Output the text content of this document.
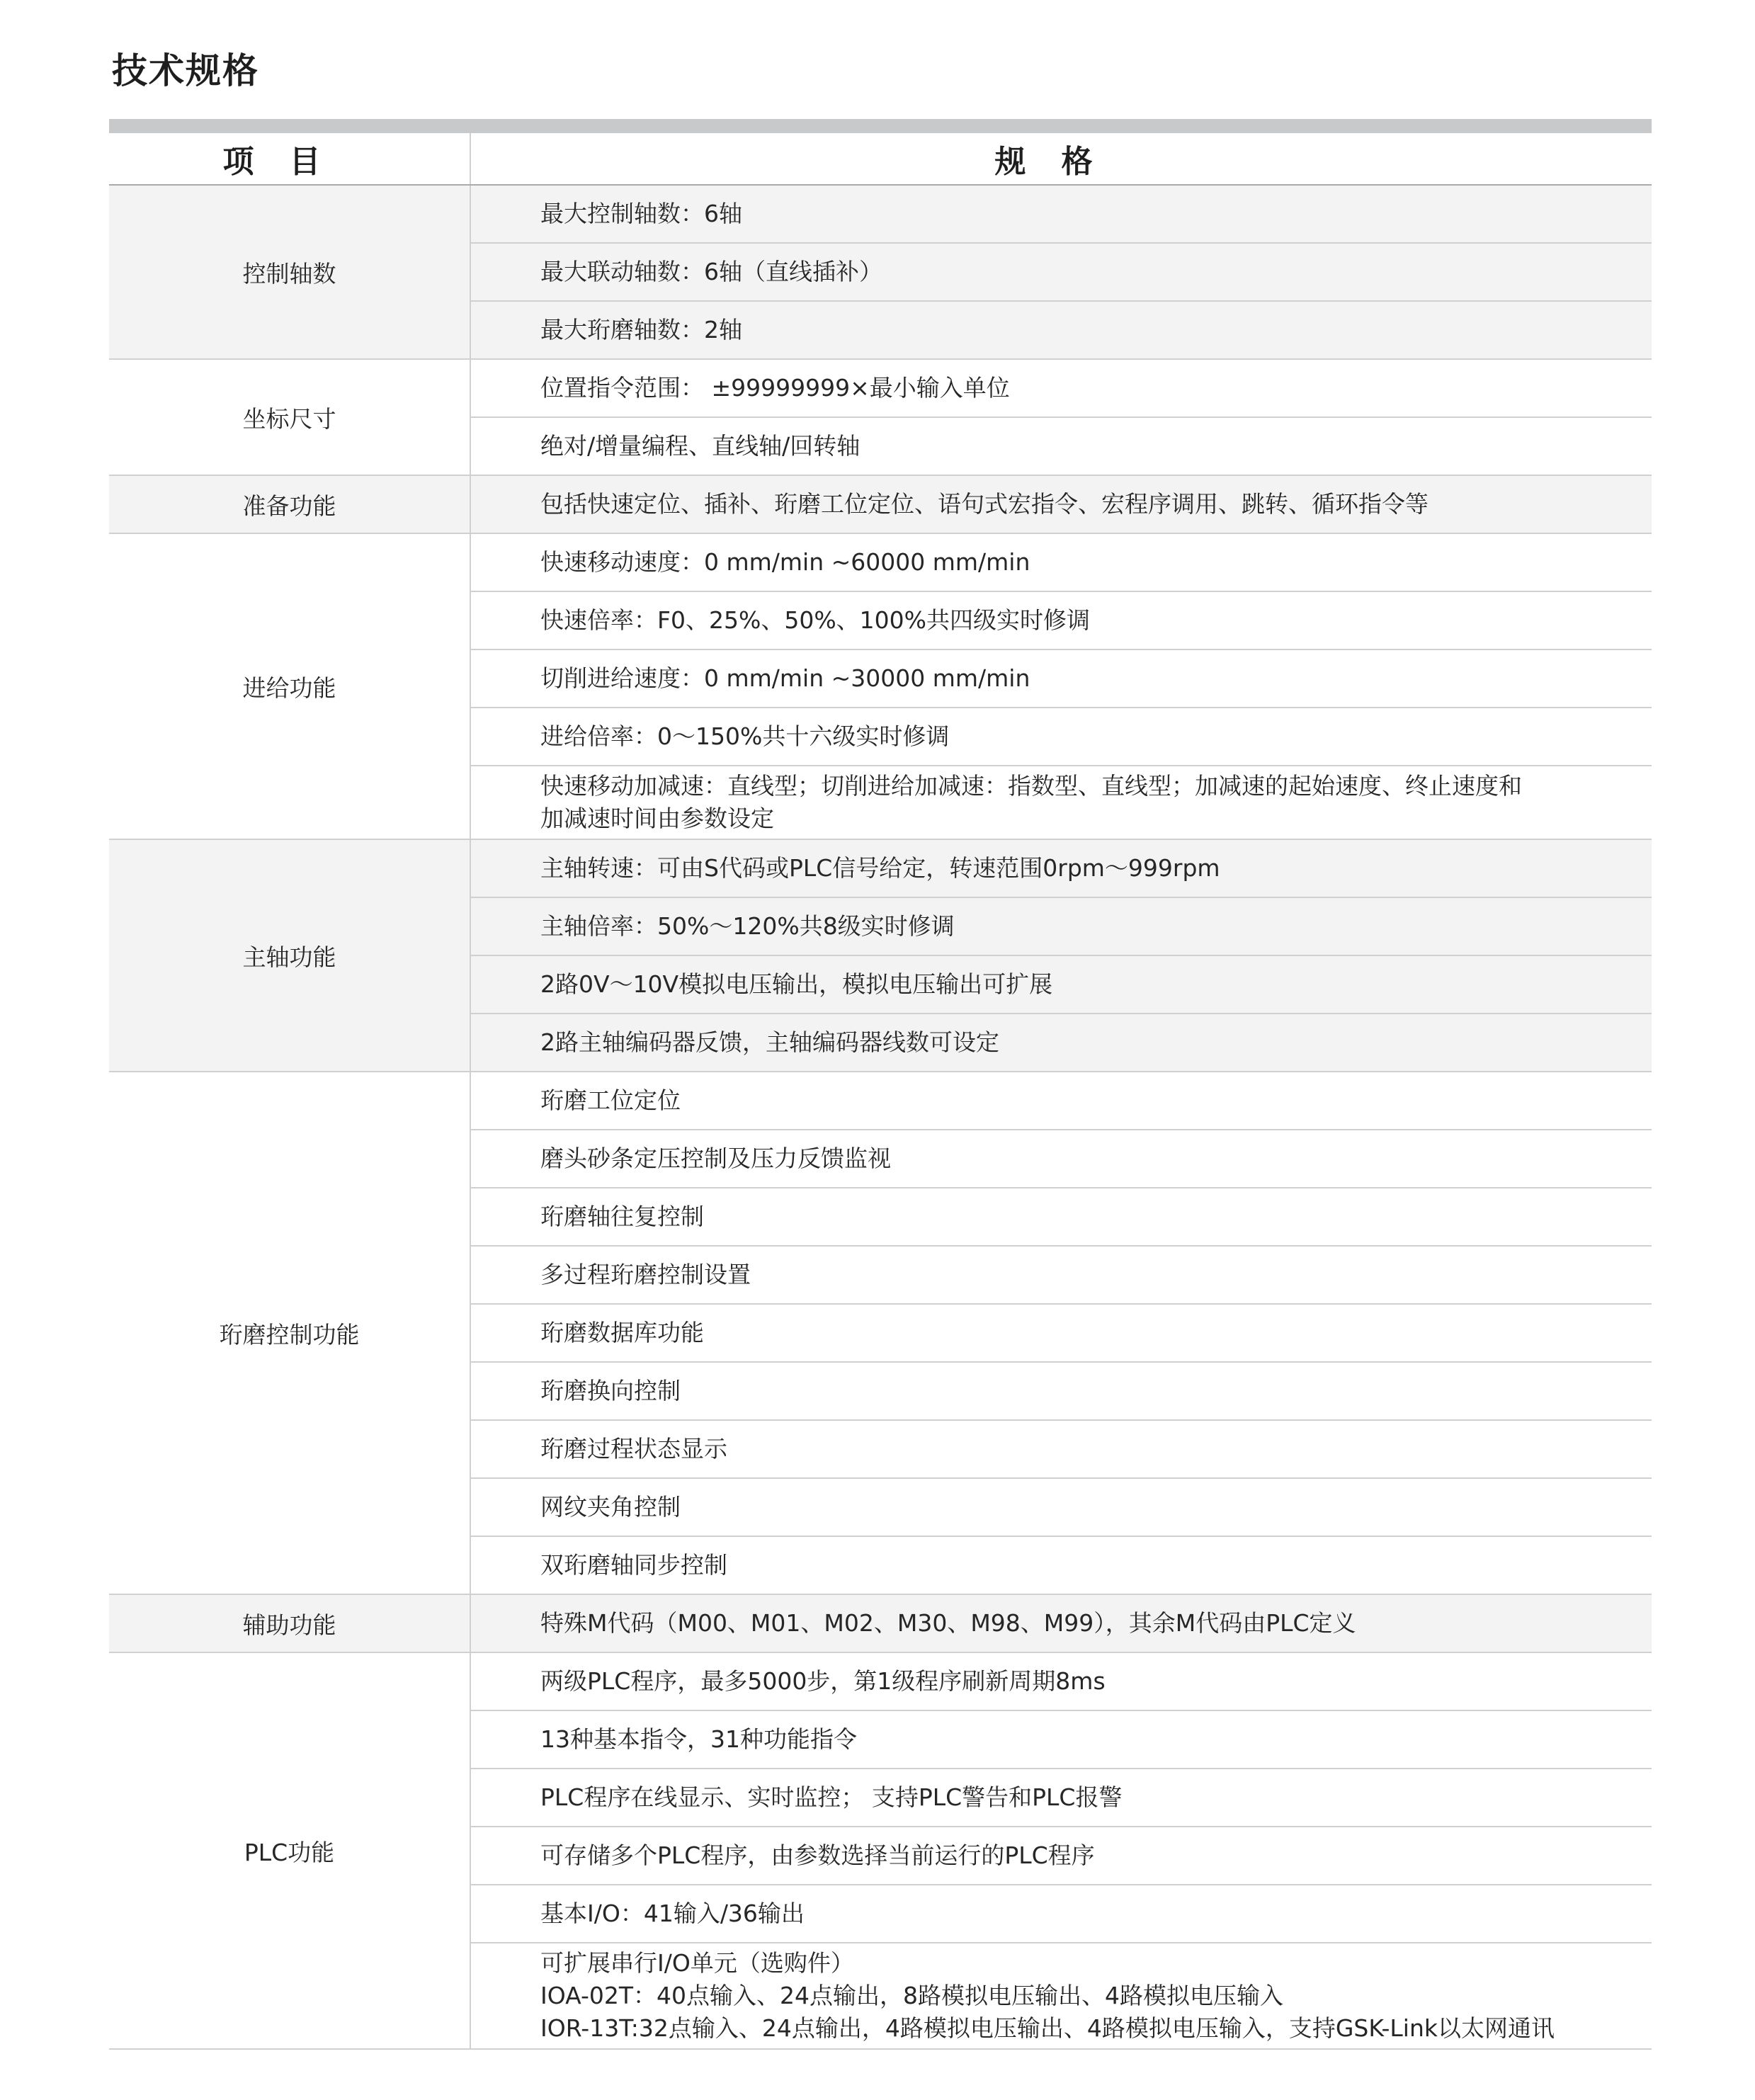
技术规格
项目	规格
控制轴数	最大控制轴数：6轴

	最大联动轴数：6轴（直线插补）

	最大珩磨轴数：2轴

坐标尺寸	位置指令范围： ±99999999×最小输入单位

	绝对/增量编程、直线轴/回转轴

准备功能	包括快速定位、插补、珩磨工位定位、语句式宏指令、宏程序调用、跳转、循环指令等

进给功能	快速移动速度：0 mm/min ~60000 mm/min

	快速倍率：F0、25%、50%、100%共四级实时修调

	切削进给速度：0 mm/min ~30000 mm/min

	进给倍率：0～150%共十六级实时修调

	快速移动加减速：直线型；切削进给加减速：指数型、直线型；加减速的起始速度、终止速度和
加减速时间由参数设定

主轴功能	主轴转速：可由S代码或PLC信号给定，转速范围0rpm～999rpm

	主轴倍率：50%～120%共8级实时修调

	2路0V～10V模拟电压输出，模拟电压输出可扩展

	2路主轴编码器反馈，主轴编码器线数可设定

珩磨控制功能	珩磨工位定位

	磨头砂条定压控制及压力反馈监视

	珩磨轴往复控制

	多过程珩磨控制设置

	珩磨数据库功能

	珩磨换向控制

	珩磨过程状态显示

	网纹夹角控制

	双珩磨轴同步控制

辅助功能	特殊M代码（M00、M01、M02、M30、M98、M99），其余M代码由PLC定义

PLC功能	两级PLC程序，最多5000步，第1级程序刷新周期8ms

	13种基本指令，31种功能指令

	PLC程序在线显示、实时监控； 支持PLC警告和PLC报警

	可存储多个PLC程序，由参数选择当前运行的PLC程序

	基本I/O：41输入/36输出

	可扩展串行I/O单元（选购件）
IOA-02T：40点输入、24点输出，8路模拟电压输出、4路模拟电压输入
IOR-13T:32点输入、24点输出，4路模拟电压输出、4路模拟电压输入，支持GSK-Link以太网通讯
